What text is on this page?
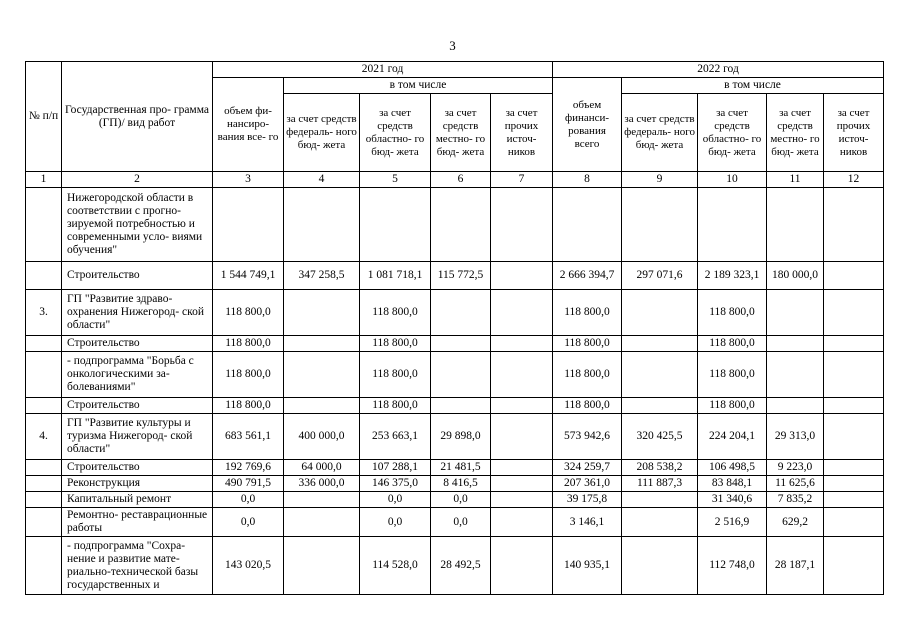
3
№ п/п	Государственная про- грамма (ГП)/ вид работ	2021 год					2022 год				
		объем фи- нансиро- вания все- го	в том числе				объем финанси- рования всего	в том числе			
			за счет средств федераль- ного бюд- жета	за счет средств областно- го бюд- жета	за счет средств местно- го бюд- жета	за счет прочих источ- ников		за счет средств федераль- ного бюд- жета	за счет средств областно- го бюд- жета	за счет средств местно- го бюд- жета	за счет прочих источ- ников
1	2	3	4	5	6	7	8	9	10	11	12
	Нижегородской области в соответствии с прогно- зируемой потребностью и современными усло- виями обучения"										
	Строительство	1 544 749,1	347 258,5	1 081 718,1	115 772,5		2 666 394,7	297 071,6	2 189 323,1	180 000,0	
3.	ГП "Развитие здраво- охранения Нижегород- ской области"	118 800,0		118 800,0			118 800,0		118 800,0		
	Строительство	118 800,0		118 800,0			118 800,0		118 800,0		
	- подпрограмма "Борьба с онкологическими за- болеваниями"	118 800,0		118 800,0			118 800,0		118 800,0		
	Строительство	118 800,0		118 800,0			118 800,0		118 800,0		
4.	ГП "Развитие культуры и туризма Нижегород- ской области"	683 561,1	400 000,0	253 663,1	29 898,0		573 942,6	320 425,5	224 204,1	29 313,0	
	Строительство	192 769,6	64 000,0	107 288,1	21 481,5		324 259,7	208 538,2	106 498,5	9 223,0	
	Реконструкция	490 791,5	336 000,0	146 375,0	8 416,5		207 361,0	111 887,3	83 848,1	11 625,6	
	Капитальный ремонт	0,0		0,0	0,0		39 175,8		31 340,6	7 835,2	
	Ремонтно- реставрационные работы	0,0		0,0	0,0		3 146,1		2 516,9	629,2	
	- подпрограмма "Сохра- нение и развитие мате- риально-технической базы государственных и	143 020,5		114 528,0	28 492,5		140 935,1		112 748,0	28 187,1	
